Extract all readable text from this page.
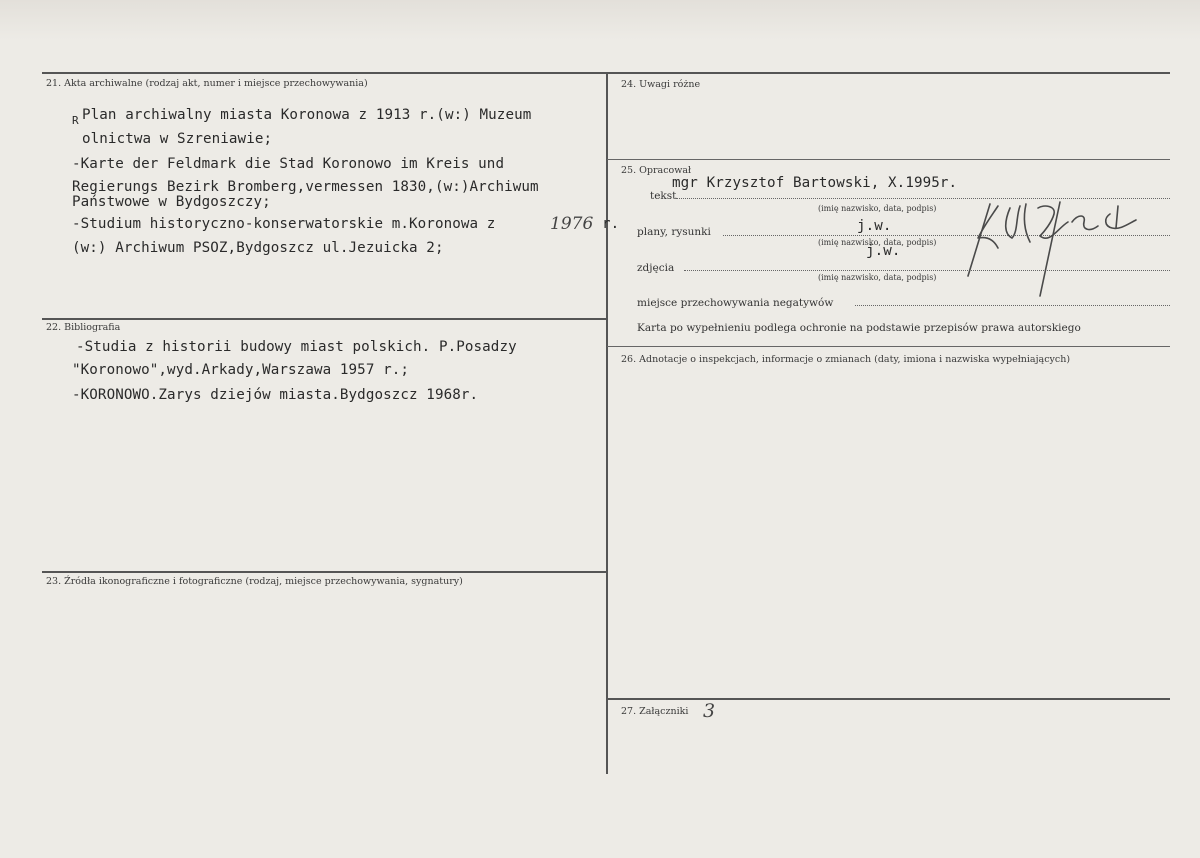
21. Akta archiwalne (rodzaj akt, numer i miejsce przechowywania)
R Plan archiwalny miasta Koronowa z 1913 r.(w:) Muzeum
olnictwa w Szreniawie;
-Karte der Feldmark die Stad Koronowo im Kreis und
Regierungs Bezirk Bromberg,vermessen 1830,(w:)Archiwum
Państwowe w Bydgoszczy;
-Studium historyczno-konserwatorskie m.Koronowa z	1976 r.
(w:) Archiwum PSOZ,Bydgoszcz ul.Jezuicka 2;
22. Bibliografia
-Studia z historii budowy miast polskich. P.Posadzy
"Koronowo",wyd.Arkady,Warszawa 1957 r.;
-KORONOWO.Zarys dziejów miasta.Bydgoszcz 1968r.
23. Źródła ikonograficzne i fotograficzne (rodzaj, miejsce przechowywania, sygnatury)
24. Uwagi różne
25. Opracował
tekst
mgr Krzysztof Bartowski, X.1995r.
(imię nazwisko, data, podpis)
plany, rysunki	j.w.
(imię nazwisko, data, podpis)
j.w.
zdjęcia
(imię nazwisko, data, podpis)
miejsce przechowywania negatywów
Karta po wypełnieniu podlega ochronie na podstawie przepisów prawa autorskiego
26. Adnotacje o inspekcjach, informacje o zmianach (daty, imiona i nazwiska wypełniających)
27. Załączniki 3
